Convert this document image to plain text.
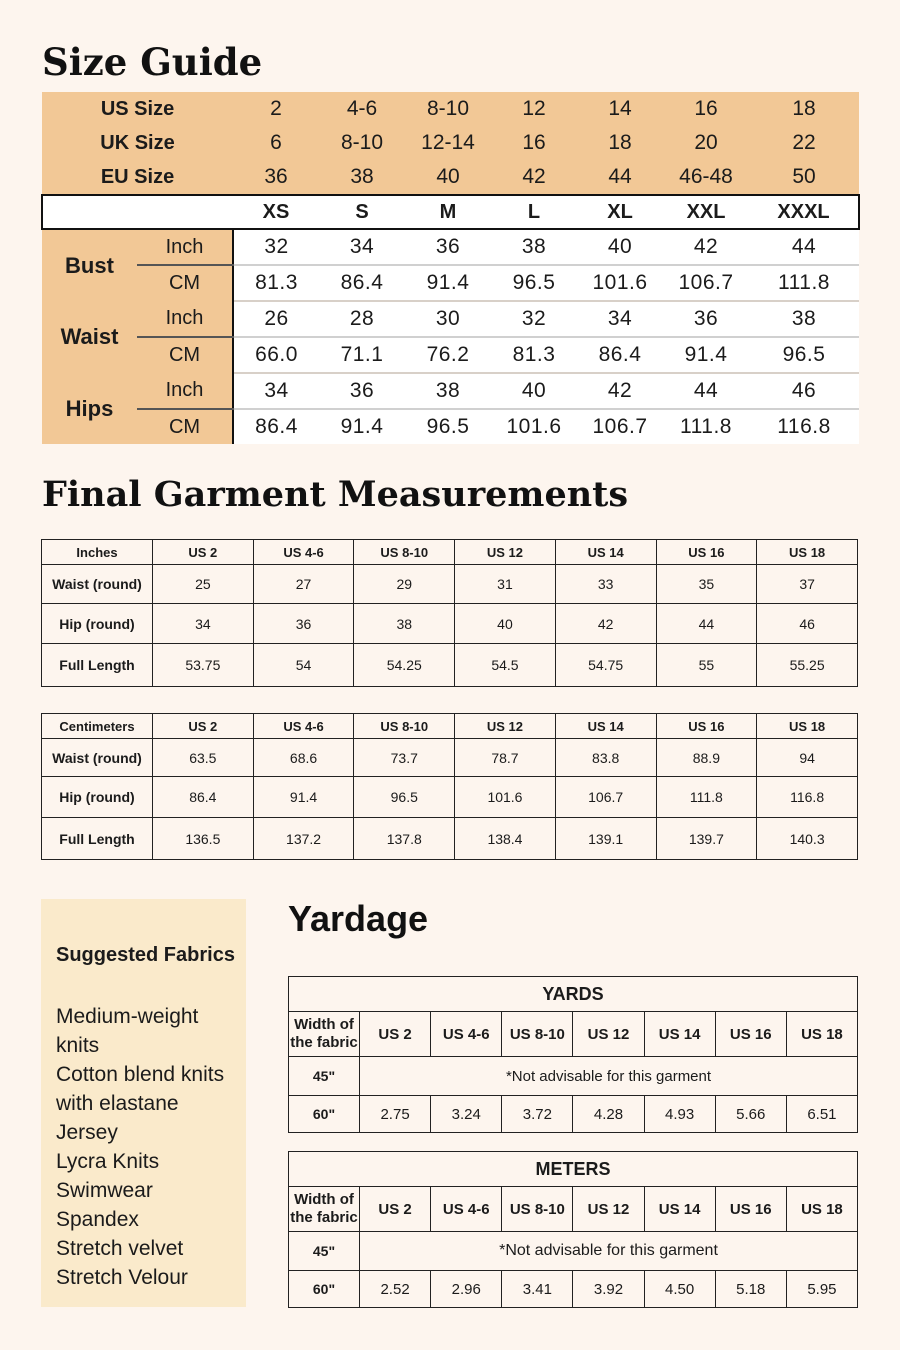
Size Guide
US Size		2	4-6	8-10	12	14	16	18
UK Size		6	8-10	12-14	16	18	20	22
EU Size		36	38	40	42	44	46-48	50
		XS	S	M	L	XL	XXL	XXXL
Bust	Inch	32	34	36	38	40	42	44
	CM	81.3	86.4	91.4	96.5	101.6	106.7	111.8
Waist	Inch	26	28	30	32	34	36	38
	CM	66.0	71.1	76.2	81.3	86.4	91.4	96.5
Hips	Inch	34	36	38	40	42	44	46
	CM	86.4	91.4	96.5	101.6	106.7	111.8	116.8
Final Garment Measurements
Inches	US 2	US 4-6	US 8-10	US 12	US 14	US 16	US 18
Waist (round)	25	27	29	31	33	35	37
Hip (round)	34	36	38	40	42	44	46
Full Length	53.75	54	54.25	54.5	54.75	55	55.25
Centimeters	US 2	US 4-6	US 8-10	US 12	US 14	US 16	US 18
Waist (round)	63.5	68.6	73.7	78.7	83.8	88.9	94
Hip (round)	86.4	91.4	96.5	101.6	106.7	111.8	116.8
Full Length	136.5	137.2	137.8	138.4	139.1	139.7	140.3
Suggested Fabrics
Medium-weight knits
Cotton blend knits with elastane
Jersey
Lycra Knits
Swimwear
Spandex
Stretch velvet
Stretch Velour
Yardage
YARDS							
Width of the fabric	US 2	US 4-6	US 8-10	US 12	US 14	US 16	US 18
45"	*Not advisable for this garment						
60"	2.75	3.24	3.72	4.28	4.93	5.66	6.51
METERS							
Width of the fabric	US 2	US 4-6	US 8-10	US 12	US 14	US 16	US 18
45"	*Not advisable for this garment						
60"	2.52	2.96	3.41	3.92	4.50	5.18	5.95
